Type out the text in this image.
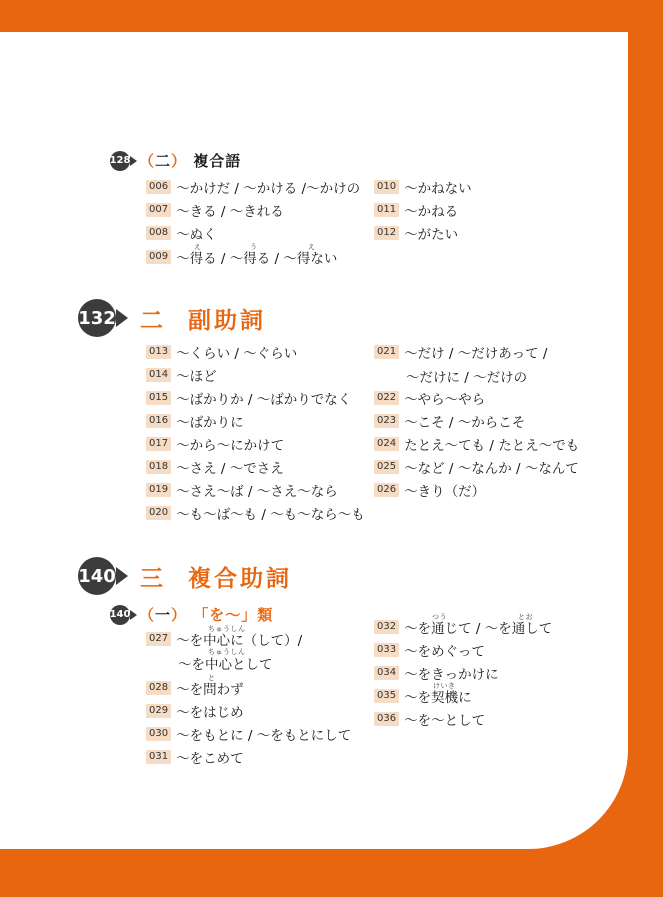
128 （二） 複合語
006 〜かけだ / 〜かける /〜かけの
007 〜きる / 〜きれる
008 〜ぬく
え	う	え
009 〜得る / 〜得る / 〜得ない
010 〜かねない
011 〜かねる
012 〜がたい
132 二 副助詞
013 〜くらい / 〜ぐらい
014 〜ほど
015 〜ばかりか / 〜ばかりでなく
016 〜ばかりに
017 〜から〜にかけて
018 〜さえ / 〜でさえ
019 〜さえ〜ば / 〜さえ〜なら
020 〜も〜ば〜も / 〜も〜なら〜も
021 〜だけ / 〜だけあって /
〜だけに / 〜だけの
022 〜やら〜やら
023 〜こそ / 〜からこそ
024 たとえ〜ても / たとえ〜でも
025 〜など / 〜なんか / 〜なんて
026 〜きり（だ）
140 三 複合助詞
140 （一） 「を〜」類
ちゅうしん
027 〜を中心に（して）/
ちゅうしん
〜を中心として
と
028 〜を問わず
029 〜をはじめ
030 〜をもとに / 〜をもとにして
031 〜をこめて
つう	とお
032 〜を通じて / 〜を通して
033 〜をめぐって
034 〜をきっかけに
けいき
035 〜を契機に
036 〜を〜として
